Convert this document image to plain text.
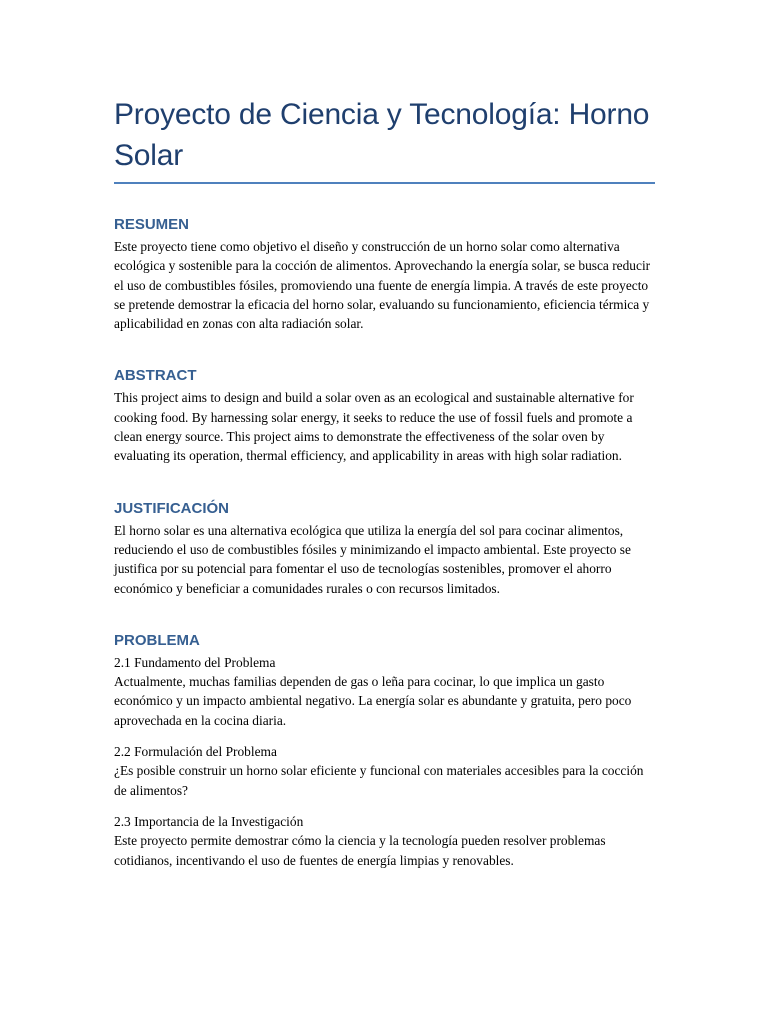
Proyecto de Ciencia y Tecnología: Horno Solar
RESUMEN

Este proyecto tiene como objetivo el diseño y construcción de un horno solar como alternativa ecológica y sostenible para la cocción de alimentos. Aprovechando la energía solar, se busca reducir el uso de combustibles fósiles, promoviendo una fuente de energía limpia. A través de este proyecto se pretende demostrar la eficacia del horno solar, evaluando su funcionamiento, eficiencia térmica y aplicabilidad en zonas con alta radiación solar.

ABSTRACT

This project aims to design and build a solar oven as an ecological and sustainable alternative for cooking food. By harnessing solar energy, it seeks to reduce the use of fossil fuels and promote a clean energy source. This project aims to demonstrate the effectiveness of the solar oven by evaluating its operation, thermal efficiency, and applicability in areas with high solar radiation.

JUSTIFICACIÓN

El horno solar es una alternativa ecológica que utiliza la energía del sol para cocinar alimentos, reduciendo el uso de combustibles fósiles y minimizando el impacto ambiental. Este proyecto se justifica por su potencial para fomentar el uso de tecnologías sostenibles, promover el ahorro económico y beneficiar a comunidades rurales o con recursos limitados.

PROBLEMA

2.1 Fundamento del Problema

Actualmente, muchas familias dependen de gas o leña para cocinar, lo que implica un gasto económico y un impacto ambiental negativo. La energía solar es abundante y gratuita, pero poco aprovechada en la cocina diaria.

2.2 Formulación del Problema

¿Es posible construir un horno solar eficiente y funcional con materiales accesibles para la cocción de alimentos?

2.3 Importancia de la Investigación

Este proyecto permite demostrar cómo la ciencia y la tecnología pueden resolver problemas cotidianos, incentivando el uso de fuentes de energía limpias y renovables.
